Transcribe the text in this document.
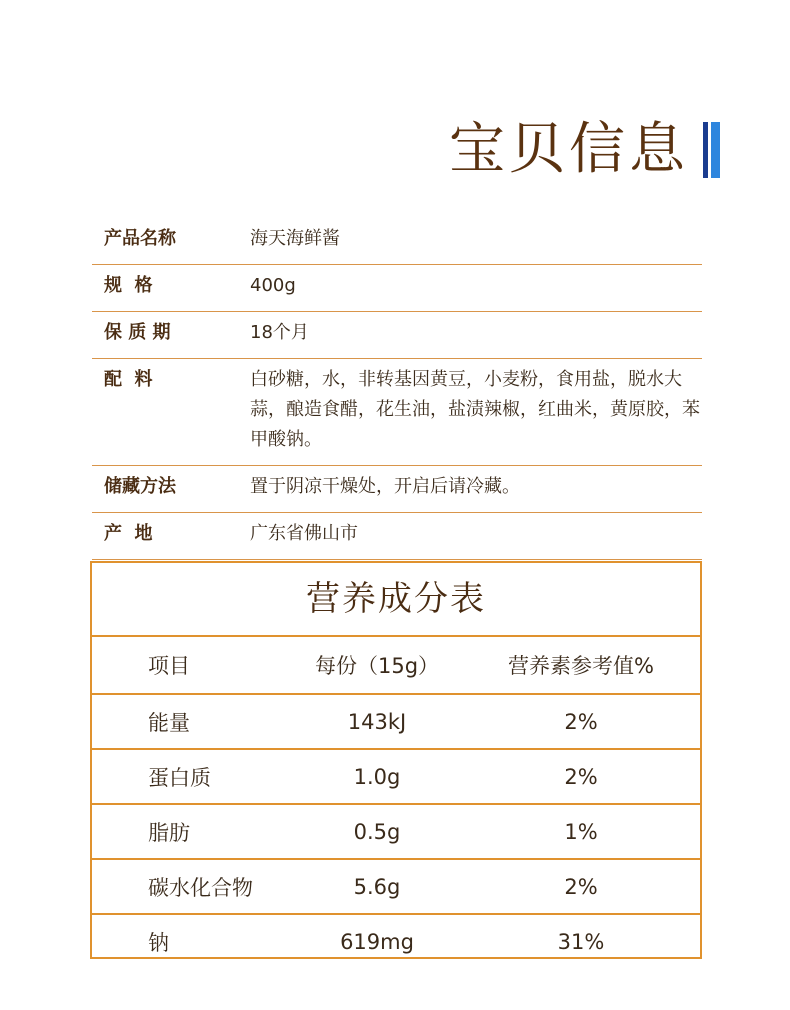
宝贝信息
产品名称	海天海鲜酱
规  格	400g
保 质 期	18个月
配  料	白砂糖，水，非转基因黄豆，小麦粉，食用盐，脱水大蒜，酿造食醋，花生油，盐渍辣椒，红曲米，黄原胶，苯甲酸钠。
储藏方法	置于阴凉干燥处，开启后请冷藏。
产  地	广东省佛山市
营养成分表
项目	每份（15g）	营养素参考值%
能量	143kJ	2%
蛋白质	1.0g	2%
脂肪	0.5g	1%
碳水化合物	5.6g	2%
钠	619mg	31%
